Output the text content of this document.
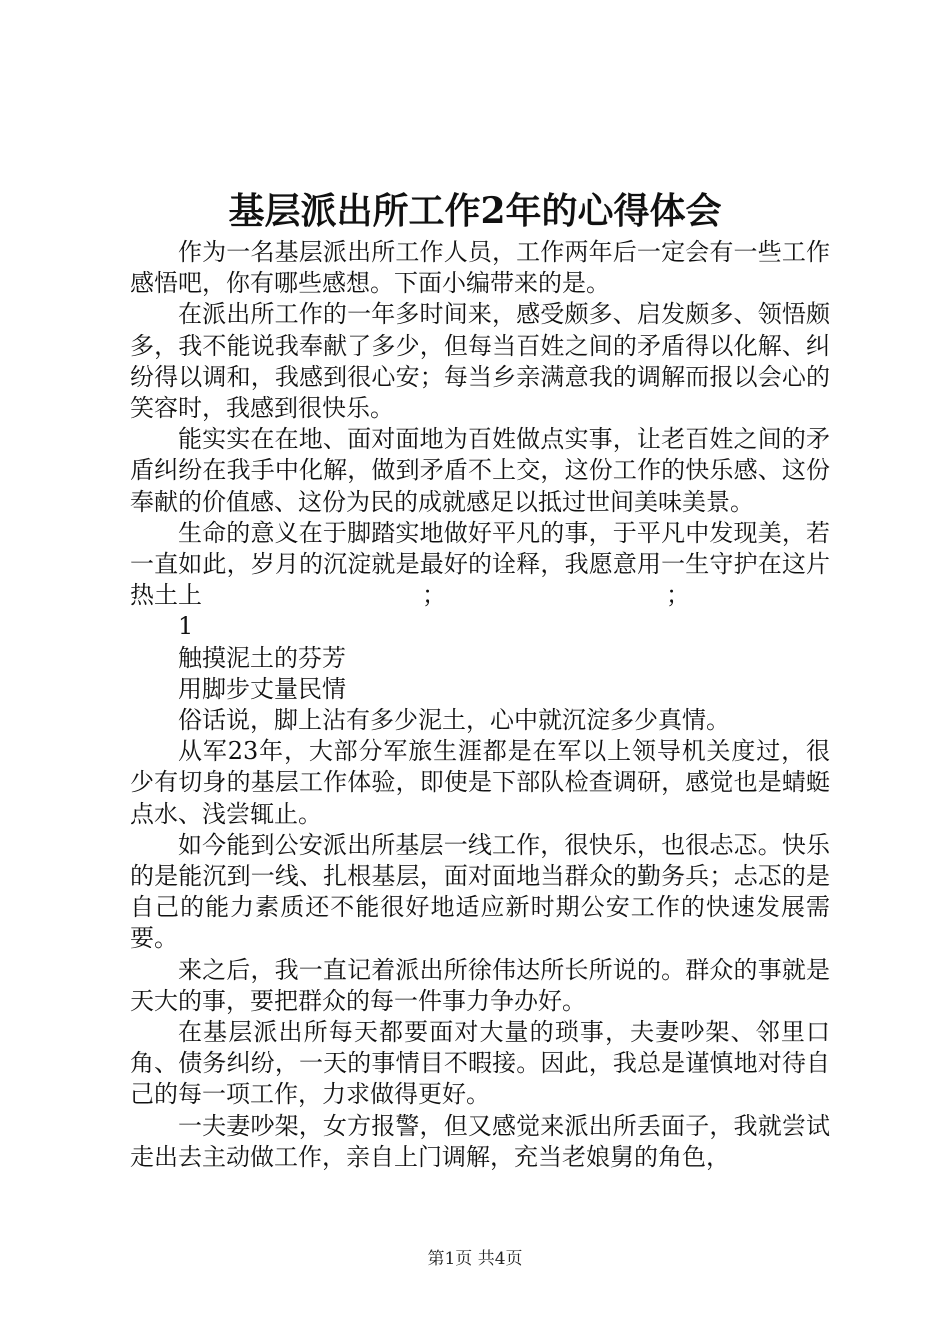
基层派出所工作2年的心得体会

作为一名基层派出所工作人员，工作两年后一定会有一些工作感悟吧，你有哪些感想。下面小编带来的是。

在派出所工作的一年多时间来，感受颇多、启发颇多、领悟颇多，我不能说我奉献了多少，但每当百姓之间的矛盾得以化解、纠纷得以调和，我感到很心安；每当乡亲满意我的调解而报以会心的笑容时，我感到很快乐。

能实实在在地、面对面地为百姓做点实事，让老百姓之间的矛盾纠纷在我手中化解，做到矛盾不上交，这份工作的快乐感、这份奉献的价值感、这份为民的成就感足以抵过世间美味美景。

生命的意义在于脚踏实地做好平凡的事，于平凡中发现美，若一直如此，岁月的沉淀就是最好的诠释，我愿意用一生守护在这片热土上	；	；

1

触摸泥土的芬芳

用脚步丈量民情

俗话说，脚上沾有多少泥土，心中就沉淀多少真情。

从军23年，大部分军旅生涯都是在军以上领导机关度过，很少有切身的基层工作体验，即使是下部队检查调研，感觉也是蜻蜓点水、浅尝辄止。

如今能到公安派出所基层一线工作，很快乐，也很忐忑。快乐的是能沉到一线、扎根基层，面对面地当群众的勤务兵；忐忑的是自己的能力素质还不能很好地适应新时期公安工作的快速发展需要。

来之后，我一直记着派出所徐伟达所长所说的。群众的事就是天大的事，要把群众的每一件事力争办好。

在基层派出所每天都要面对大量的琐事，夫妻吵架、邻里口角、债务纠纷，一天的事情目不暇接。因此，我总是谨慎地对待自己的每一项工作，力求做得更好。

一夫妻吵架，女方报警，但又感觉来派出所丢面子，我就尝试走出去主动做工作，亲自上门调解，充当老娘舅的角色，

第1页 共4页
